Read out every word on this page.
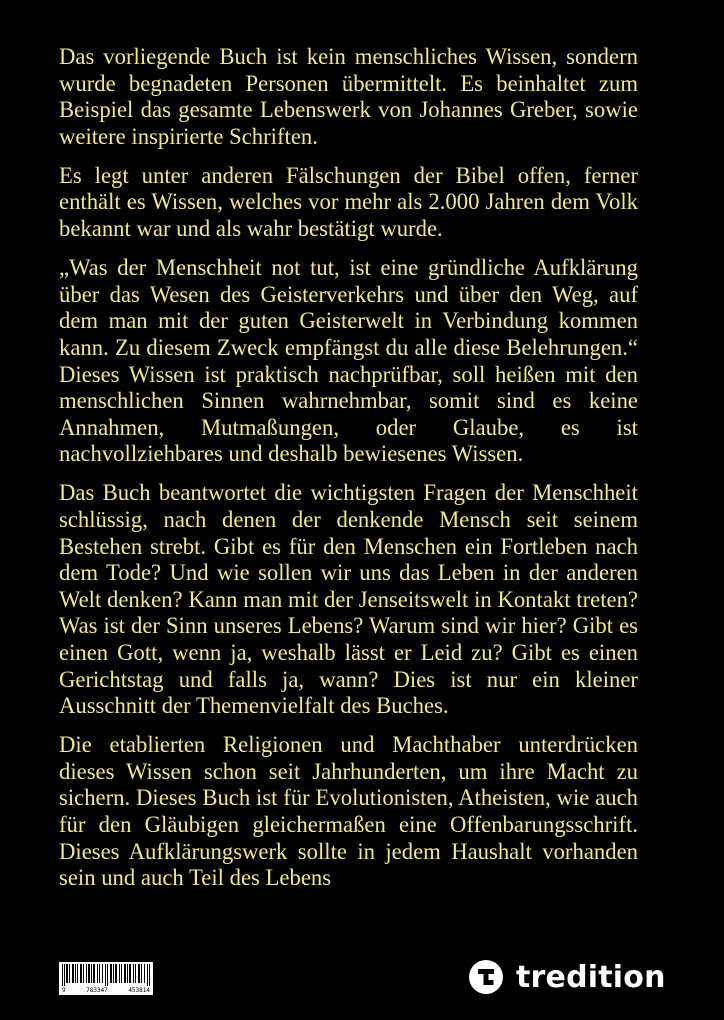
Das vorliegende Buch ist kein menschliches Wissen, sondern wurde begnadeten Personen übermittelt. Es beinhaltet zum Beispiel das gesamte Lebenswerk von Johannes Greber, sowie weitere inspirierte Schriften.

Es legt unter anderen Fälschungen der Bibel offen, ferner enthält es Wissen, welches vor mehr als 2.000 Jahren dem Volk bekannt war und als wahr bestätigt wurde.

„Was der Menschheit not tut, ist eine gründliche Aufklärung über das Wesen des Geisterverkehrs und über den Weg, auf dem man mit der guten Geisterwelt in Verbindung kommen kann. Zu diesem Zweck empfängst du alle diese Belehrungen.“ Dieses Wissen ist praktisch nachprüfbar, soll heißen mit den menschlichen Sinnen wahrnehmbar, somit sind es keine Annahmen, Mutmaßungen, oder Glaube, es ist nachvollziehbares und deshalb bewiesenes Wissen.

Das Buch beantwortet die wichtigsten Fragen der Menschheit schlüssig, nach denen der denkende Mensch seit seinem Bestehen strebt. Gibt es für den Menschen ein Fortleben nach dem Tode? Und wie sollen wir uns das Leben in der anderen Welt denken? Kann man mit der Jenseitswelt in Kontakt treten? Was ist der Sinn unseres Lebens? Warum sind wir hier? Gibt es einen Gott, wenn ja, weshalb lässt er Leid zu? Gibt es einen Gerichtstag und falls ja, wann? Dies ist nur ein kleiner Ausschnitt der Themenvielfalt des Buches.

Die etablierten Religionen und Machthaber unterdrücken dieses Wissen schon seit Jahrhunderten, um ihre Macht zu sichern. Dieses Buch ist für Evolutionisten, Atheisten, wie auch für den Gläubigen gleichermaßen eine Offenbarungsschrift. Dieses Aufklärungswerk sollte in jedem Haushalt vorhanden sein und auch Teil des Lebens

9	783347	453814	tredition
